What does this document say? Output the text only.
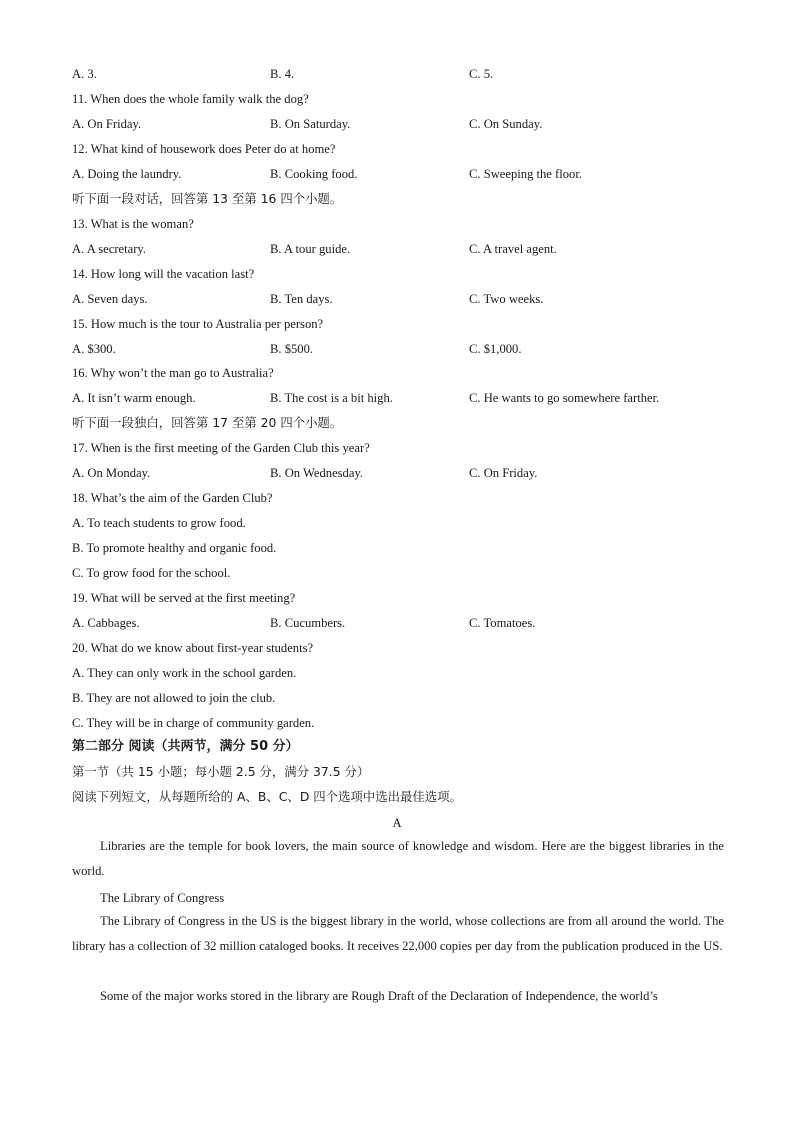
A. 3.	B. 4.	C. 5.
11. When does the whole family walk the dog?
A. On Friday.	B. On Saturday.	C. On Sunday.
12. What kind of housework does Peter do at home?
A. Doing the laundry.	B. Cooking food.	C. Sweeping the floor.
听下面一段对话，回答第 13 至第 16 四个小题。
13. What is the woman?
A. A secretary.	B. A tour guide.	C. A travel agent.
14. How long will the vacation last?
A. Seven days.	B. Ten days.	C. Two weeks.
15. How much is the tour to Australia per person?
A. $300.	B. $500.	C. $1,000.
16. Why won’t the man go to Australia?
A. It isn’t warm enough.	B. The cost is a bit high.	C. He wants to go somewhere farther.
听下面一段独白，回答第 17 至第 20 四个小题。
17. When is the first meeting of the Garden Club this year?
A. On Monday.	B. On Wednesday.	C. On Friday.
18. What’s the aim of the Garden Club?
A. To teach students to grow food.
B. To promote healthy and organic food.
C. To grow food for the school.
19. What will be served at the first meeting?
A. Cabbages.	B. Cucumbers.	C. Tomatoes.
20. What do we know about first-year students?
A. They can only work in the school garden.
B. They are not allowed to join the club.
C. They will be in charge of community garden.
第二部分 阅读（共两节，满分 50 分）
第一节（共 15 小题；每小题 2.5 分，满分 37.5 分）
阅读下列短文，从每题所给的 A、B、C、D 四个选项中选出最佳选项。
A
Libraries are the temple for book lovers, the main source of knowledge and wisdom. Here are the biggest libraries in the world.
The Library of Congress
The Library of Congress in the US is the biggest library in the world, whose collections are from all around the world. The library has a collection of 32 million cataloged books. It receives 22,000 copies per day from the publication produced in the US.
Some of the major works stored in the library are Rough Draft of the Declaration of Independence, the world’s
